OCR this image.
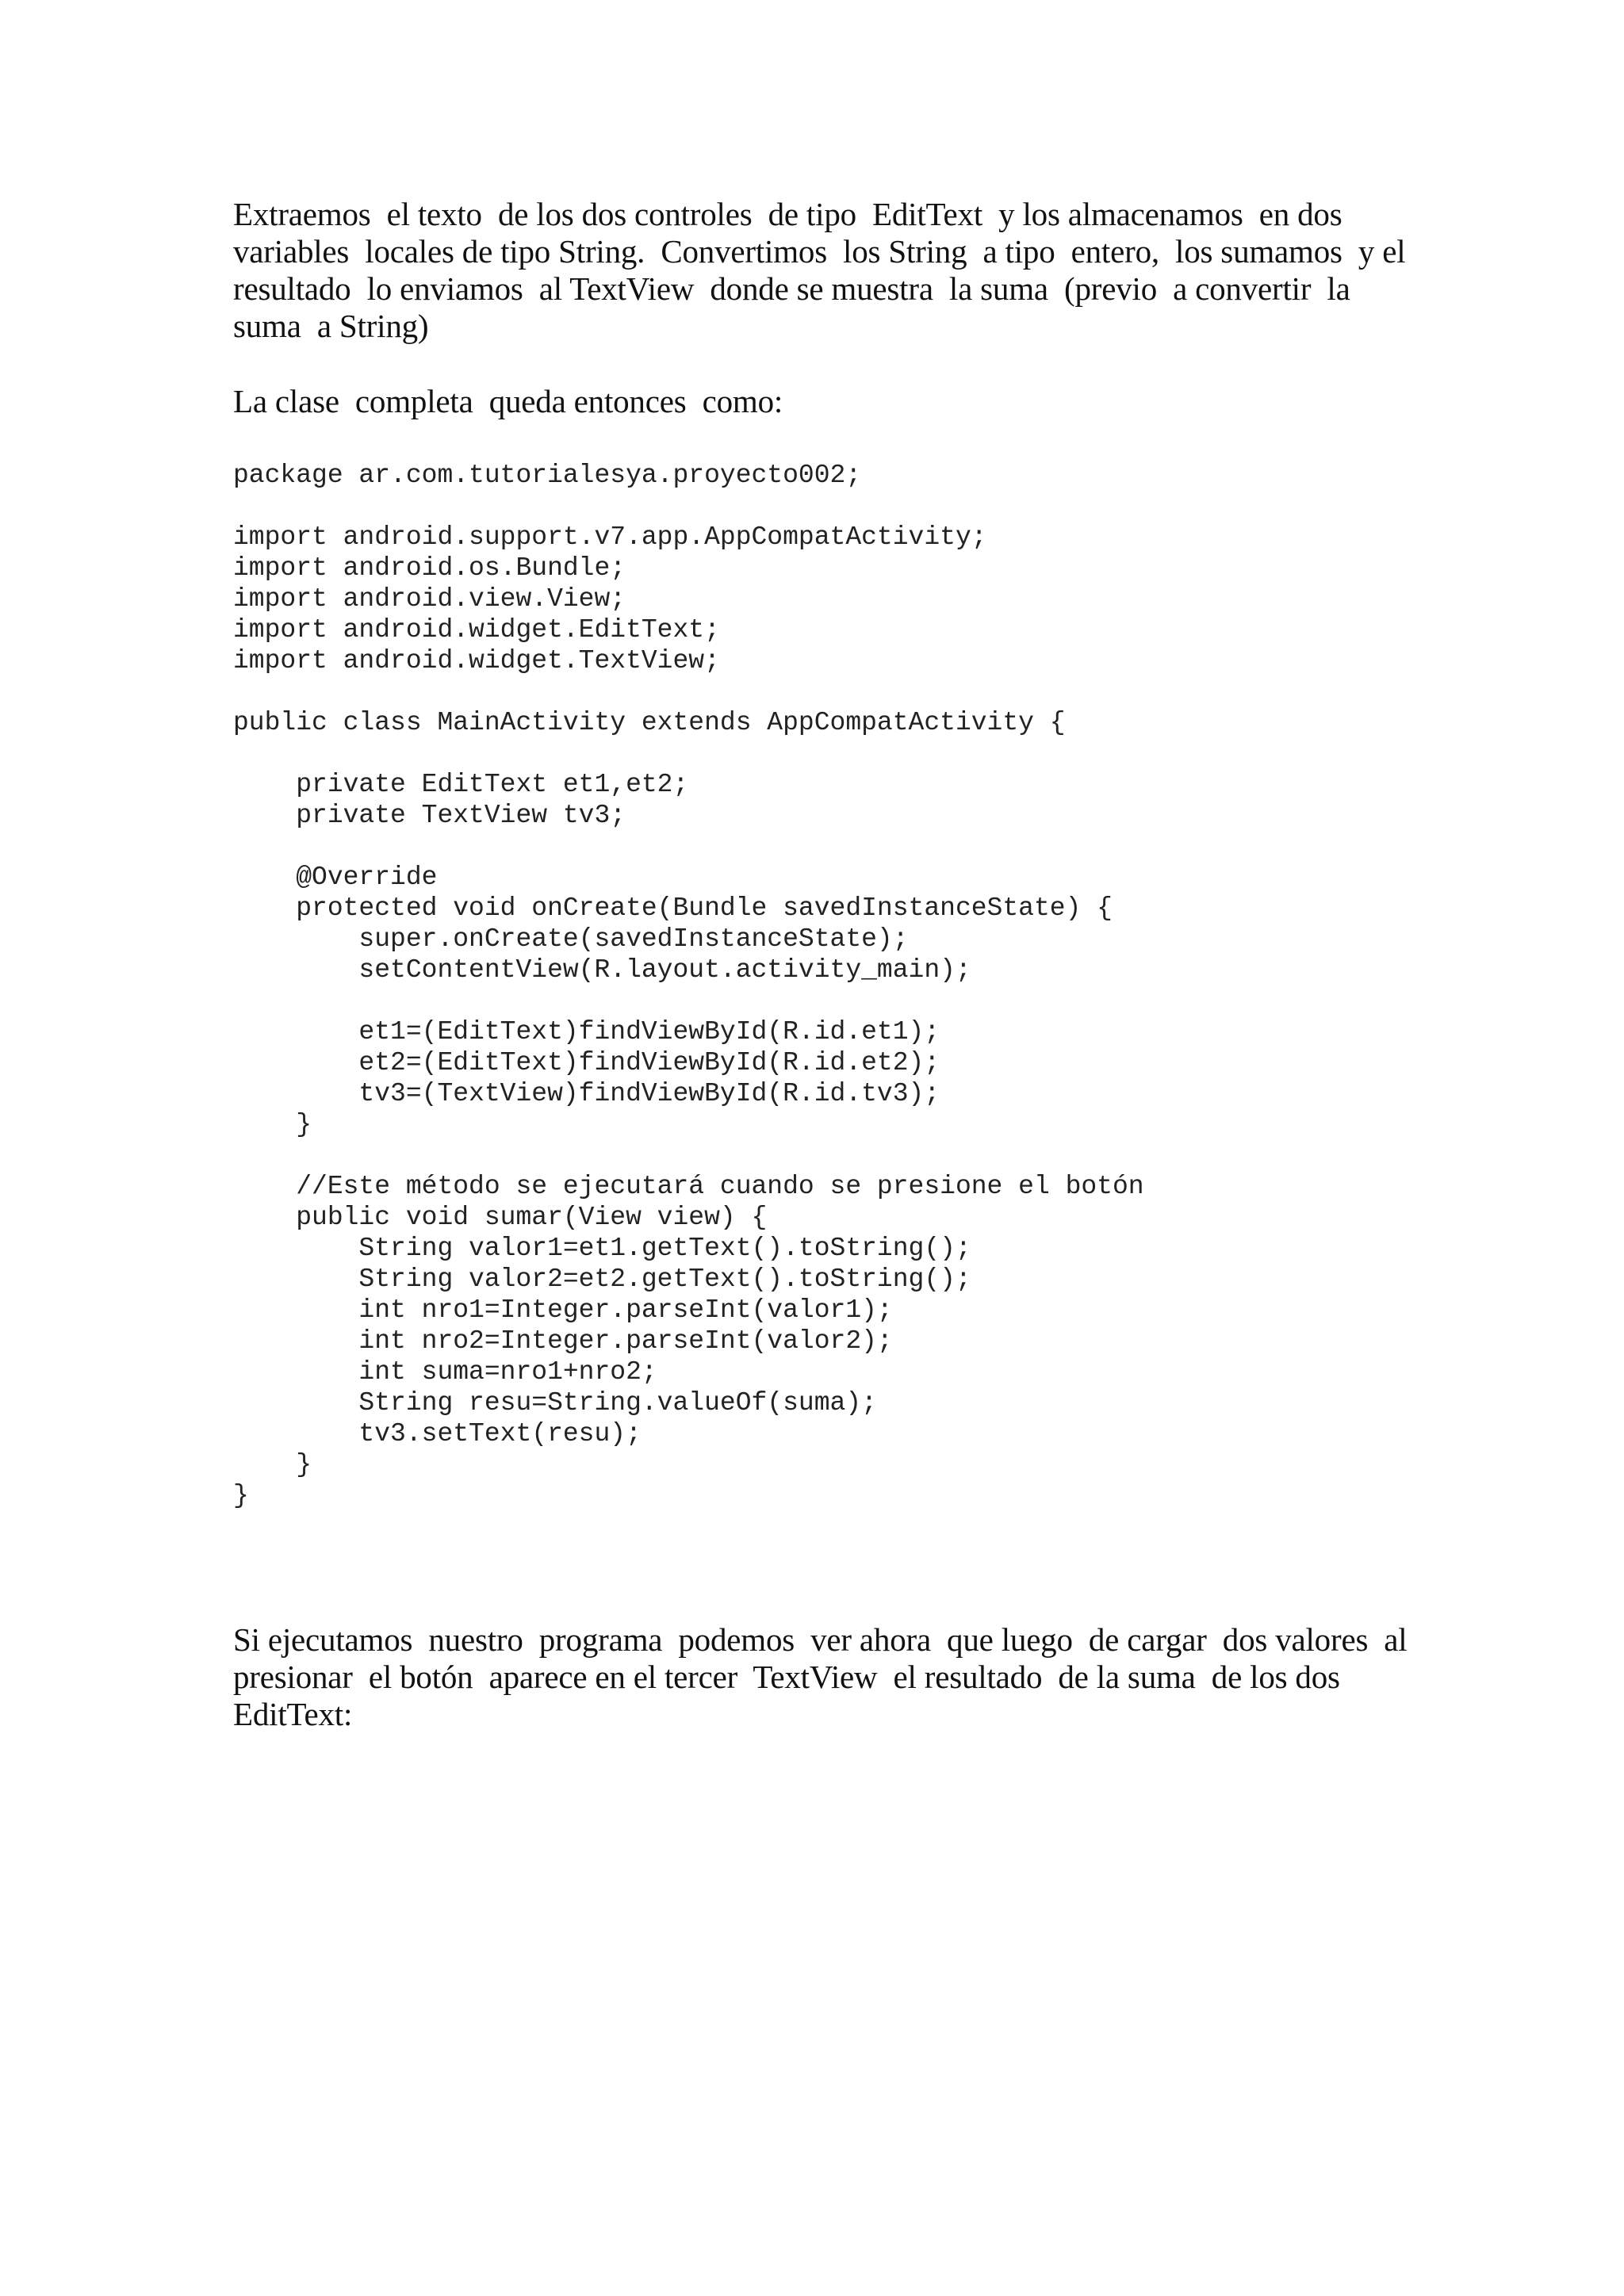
Extraemos  el texto  de los dos controles  de tipo  EditText  y los almacenamos  en dos
variables  locales de tipo String.  Convertimos  los String  a tipo  entero,  los sumamos  y el
resultado  lo enviamos  al TextView  donde se muestra  la suma  (previo  a convertir  la
suma  a String)
La clase  completa  queda entonces  como:
package ar.com.tutorialesya.proyecto002;
import android.support.v7.app.AppCompatActivity;
import android.os.Bundle;
import android.view.View;
import android.widget.EditText;
import android.widget.TextView;
public class MainActivity extends AppCompatActivity {
private EditText et1,et2;
private TextView tv3;
@Override
protected void onCreate(Bundle savedInstanceState) {
super.onCreate(savedInstanceState);
setContentView(R.layout.activity_main);
et1=(EditText)findViewById(R.id.et1);
et2=(EditText)findViewById(R.id.et2);
tv3=(TextView)findViewById(R.id.tv3);
}
//Este método se ejecutará cuando se presione el botón
public void sumar(View view) {
String valor1=et1.getText().toString();
String valor2=et2.getText().toString();
int nro1=Integer.parseInt(valor1);
int nro2=Integer.parseInt(valor2);
int suma=nro1+nro2;
String resu=String.valueOf(suma);
tv3.setText(resu);
}
}
Si ejecutamos  nuestro  programa  podemos  ver ahora  que luego  de cargar  dos valores  al
presionar  el botón  aparece en el tercer  TextView  el resultado  de la suma  de los dos
EditText:
